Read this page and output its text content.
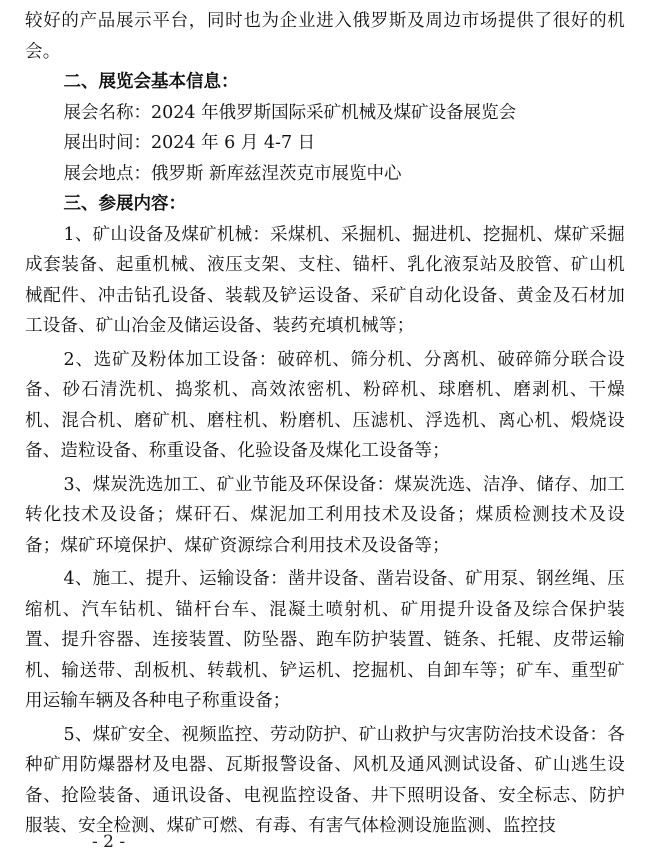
较好的产品展示平台，同时也为企业进入俄罗斯及周边市场提供了很好的机会。

二、展览会基本信息：

展会名称：2024 年俄罗斯国际采矿机械及煤矿设备展览会

展出时间：2024 年 6 月 4-7 日

展会地点：俄罗斯 新库兹涅茨克市展览中心

三、参展内容：

1、矿山设备及煤矿机械：采煤机、采掘机、掘进机、挖掘机、煤矿采掘成套装备、起重机械、液压支架、支柱、锚杆、乳化液泵站及胶管、矿山机械配件、冲击钻孔设备、装载及铲运设备、采矿自动化设备、黄金及石材加工设备、矿山冶金及储运设备、装药充填机械等；

2、选矿及粉体加工设备：破碎机、筛分机、分离机、破碎筛分联合设备、砂石清洗机、捣浆机、高效浓密机、粉碎机、球磨机、磨剥机、干燥机、混合机、磨矿机、磨柱机、粉磨机、压滤机、浮选机、离心机、煅烧设备、造粒设备、称重设备、化验设备及煤化工设备等；

3、煤炭洗选加工、矿业节能及环保设备：煤炭洗选、洁净、储存、加工转化技术及设备；煤矸石、煤泥加工利用技术及设备；煤质检测技术及设备；煤矿环境保护、煤矿资源综合利用技术及设备等；

4、施工、提升、运输设备：凿井设备、凿岩设备、矿用泵、钢丝绳、压缩机、汽车钻机、锚杆台车、混凝土喷射机、矿用提升设备及综合保护装置、提升容器、连接装置、防坠器、跑车防护装置、链条、托辊、皮带运输机、输送带、刮板机、转载机、铲运机、挖掘机、自卸车等；矿车、重型矿用运输车辆及各种电子称重设备；

5、煤矿安全、视频监控、劳动防护、矿山救护与灾害防治技术设备：各种矿用防爆器材及电器、瓦斯报警设备、风机及通风测试设备、矿山逃生设备、抢险装备、通讯设备、电视监控设备、井下照明设备、安全标志、防护服装、安全检测、煤矿可燃、有毒、有害气体检测设施监测、监控技

- 2 -
